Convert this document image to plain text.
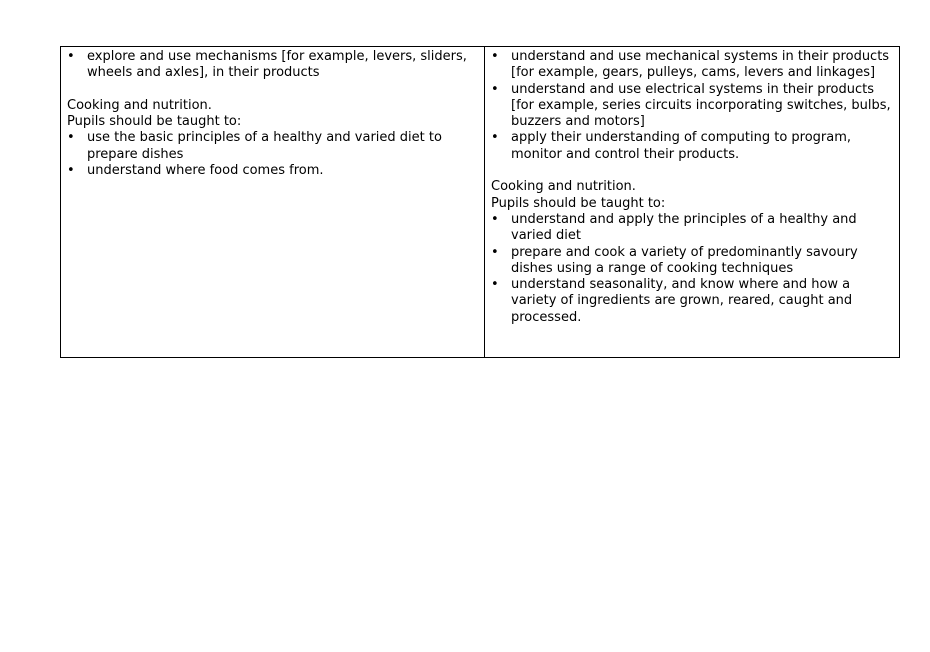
• explore and use mechanisms [for example, levers, sliders, wheels and axles], in their products

Cooking and nutrition.

Pupils should be taught to:

• use the basic principles of a healthy and varied diet to prepare dishes
• understand where food comes from.
• understand and use mechanical systems in their products [for example, gears, pulleys, cams, levers and linkages]
• understand and use electrical systems in their products [for example, series circuits incorporating switches, bulbs, buzzers and motors]
• apply their understanding of computing to program, monitor and control their products.

Cooking and nutrition.

Pupils should be taught to:

• understand and apply the principles of a healthy and varied diet
• prepare and cook a variety of predominantly savoury dishes using a range of cooking techniques
• understand seasonality, and know where and how a variety of ingredients are grown, reared, caught and processed.
